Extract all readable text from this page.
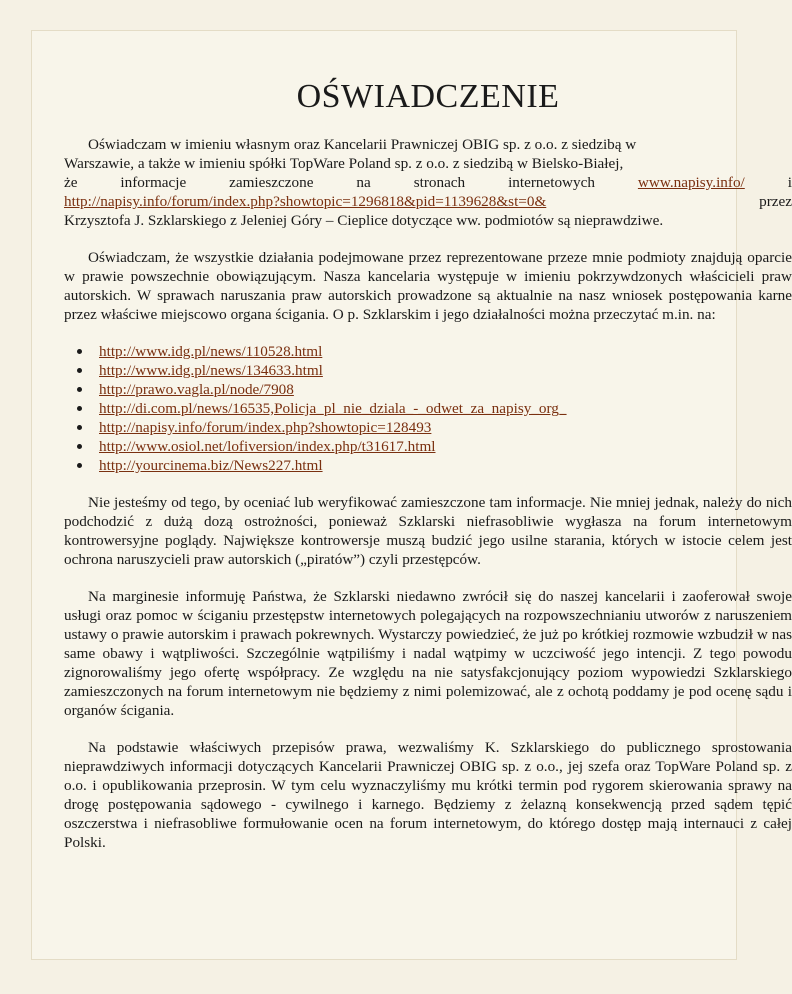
OŚWIADCZENIE

Oświadczam w imieniu własnym oraz Kancelarii Prawniczej OBIG sp. z o.o. z siedzibą w

Warszawie, a także w imieniu spółki TopWare Poland sp. z o.o. z siedzibą w Bielsko-Białej,

że	informacje	zamieszczone	na	stronach	internetowych	www.napisy.info/	i
http://napisy.info/forum/index.php?showtopic=1296818&pid=1139628&st=0&	przez

Krzysztofa J. Szklarskiego z Jeleniej Góry – Cieplice dotyczące ww. podmiotów są nieprawdziwe.

Oświadczam, że wszystkie działania podejmowane przez reprezentowane przeze mnie podmioty znajdują oparcie w prawie powszechnie obowiązującym. Nasza kancelaria występuje w imieniu pokrzywdzonych właścicieli praw autorskich. W sprawach naruszania praw autorskich prowadzone są aktualnie na nasz wniosek postępowania karne przez właściwe miejscowo organa ścigania. O p. Szklarskim i jego działalności można przeczytać m.in. na:

http://www.idg.pl/news/110528.html
http://www.idg.pl/news/134633.html
http://prawo.vagla.pl/node/7908
http://di.com.pl/news/16535,Policja_pl_nie_dziala_-_odwet_za_napisy_org_
http://napisy.info/forum/index.php?showtopic=128493
http://www.osiol.net/lofiversion/index.php/t31617.html
http://yourcinema.biz/News227.html

Nie jesteśmy od tego, by oceniać lub weryfikować zamieszczone tam informacje. Nie mniej jednak, należy do nich podchodzić z dużą dozą ostrożności, ponieważ Szklarski niefrasobliwie wygłasza na forum internetowym kontrowersyjne poglądy. Największe kontrowersje muszą budzić jego usilne starania, których w istocie celem jest ochrona naruszycieli praw autorskich („piratów”) czyli przestępców.

Na marginesie informuję Państwa, że Szklarski niedawno zwrócił się do naszej kancelarii i zaoferował swoje usługi oraz pomoc w ściganiu przestępstw internetowych polegających na rozpowszechnianiu utworów z naruszeniem ustawy o prawie autorskim i prawach pokrewnych. Wystarczy powiedzieć, że już po krótkiej rozmowie wzbudził w nas same obawy i wątpliwości. Szczególnie wątpiliśmy i nadal wątpimy w uczciwość jego intencji. Z tego powodu zignorowaliśmy jego ofertę współpracy. Ze względu na nie satysfakcjonujący poziom wypowiedzi Szklarskiego zamieszczonych na forum internetowym nie będziemy z nimi polemizować, ale z ochotą poddamy je pod ocenę sądu i organów ścigania.

Na podstawie właściwych przepisów prawa, wezwaliśmy K. Szklarskiego do publicznego sprostowania nieprawdziwych informacji dotyczących Kancelarii Prawniczej OBIG sp. z o.o., jej szefa oraz TopWare Poland sp. z o.o. i opublikowania przeprosin. W tym celu wyznaczyliśmy mu krótki termin pod rygorem skierowania sprawy na drogę postępowania sądowego - cywilnego i karnego. Będziemy z żelazną konsekwencją przed sądem tępić oszczerstwa i niefrasobliwe formułowanie ocen na forum internetowym, do którego dostęp mają internauci z całej Polski.
